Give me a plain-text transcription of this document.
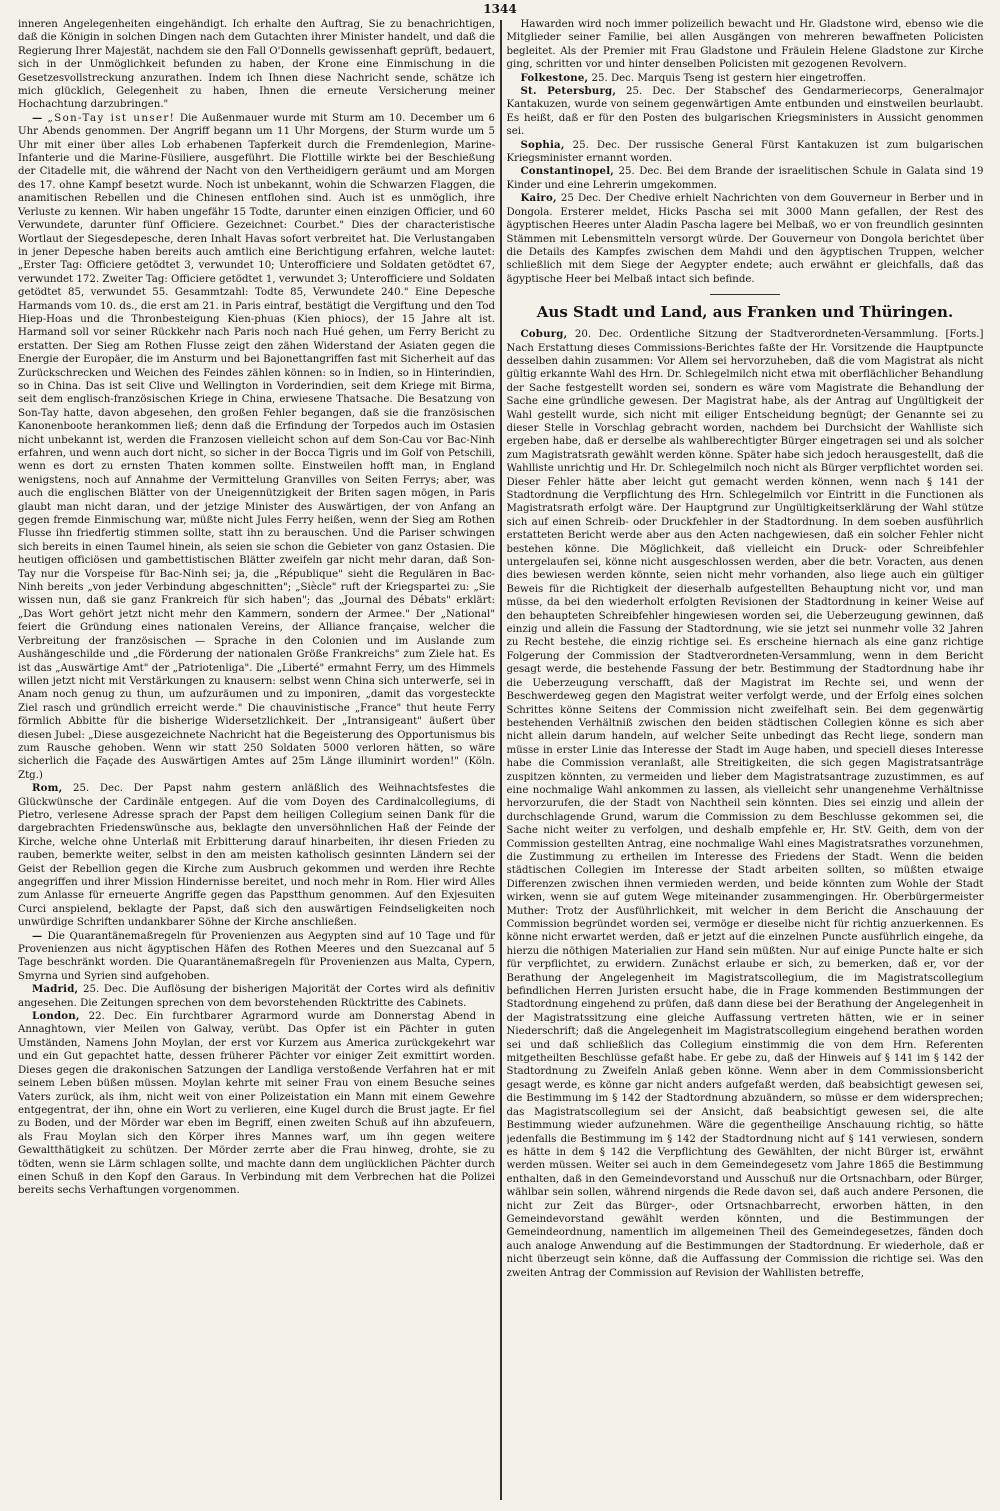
1344

inneren Angelegenheiten eingehändigt. Ich erhalte den Auftrag, Sie zu benachrichtigen, daß die Königin in solchen Dingen nach dem Gutachten ihrer Minister handelt, und daß die Regierung Ihrer Majestät, nachdem sie den Fall O'Donnells gewissenhaft geprüft, bedauert, sich in der Unmöglichkeit befunden zu haben, der Krone eine Einmischung in die Gesetzesvollstreckung anzurathen. Indem ich Ihnen diese Nachricht sende, schätze ich mich glücklich, Gelegenheit zu haben, Ihnen die erneute Versicherung meiner Hochachtung darzubringen."

— „Son-Tay ist unser! Die Außenmauer wurde mit Sturm am 10. December um 6 Uhr Abends genommen. Der Angriff begann um 11 Uhr Morgens, der Sturm wurde um 5 Uhr mit einer über alles Lob erhabenen Tapferkeit durch die Fremdenlegion, Marine-Infanterie und die Marine-Füsiliere, ausgeführt. Die Flottille wirkte bei der Beschießung der Citadelle mit, die während der Nacht von den Vertheidigern geräumt und am Morgen des 17. ohne Kampf besetzt wurde. Noch ist unbekannt, wohin die Schwarzen Flaggen, die anamitischen Rebellen und die Chinesen entflohen sind. Auch ist es unmöglich, ihre Verluste zu kennen. Wir haben ungefähr 15 Todte, darunter einen einzigen Officier, und 60 Verwundete, darunter fünf Officiere. Gezeichnet: Courbet." Dies der characteristische Wortlaut der Siegesdepesche, deren Inhalt Havas sofort verbreitet hat. Die Verlustangaben in jener Depesche haben bereits auch amtlich eine Berichtigung erfahren, welche lautet: „Erster Tag: Officiere getödtet 3, verwundet 10; Unterofficiere und Soldaten getödtet 67, verwundet 172. Zweiter Tag: Officiere getödtet 1, verwundet 3; Unterofficiere und Soldaten getödtet 85, verwundet 55. Gesammtzahl: Todte 85, Verwundete 240." Eine Depesche Harmands vom 10. ds., die erst am 21. in Paris eintraf, bestätigt die Vergiftung und den Tod Hiep-Hoas und die Thronbesteigung Kien-phuas (Kien phiocs), der 15 Jahre alt ist. Harmand soll vor seiner Rückkehr nach Paris noch nach Hué gehen, um Ferry Bericht zu erstatten. Der Sieg am Rothen Flusse zeigt den zähen Widerstand der Asiaten gegen die Energie der Europäer, die im Ansturm und bei Bajonettangriffen fast mit Sicherheit auf das Zurückschrecken und Weichen des Feindes zählen können: so in Indien, so in Hinterindien, so in China. Das ist seit Clive und Wellington in Vorderindien, seit dem Kriege mit Birma, seit dem englisch-französischen Kriege in China, erwiesene Thatsache. Die Besatzung von Son-Tay hatte, davon abgesehen, den großen Fehler begangen, daß sie die französischen Kanonenboote herankommen ließ; denn daß die Erfindung der Torpedos auch im Ostasien nicht unbekannt ist, werden die Franzosen vielleicht schon auf dem Son-Cau vor Bac-Ninh erfahren, und wenn auch dort nicht, so sicher in der Bocca Tigris und im Golf von Petschili, wenn es dort zu ernsten Thaten kommen sollte. Einstweilen hofft man, in England wenigstens, noch auf Annahme der Vermittelung Granvilles von Seiten Ferrys; aber, was auch die englischen Blätter von der Uneigennützigkeit der Briten sagen mögen, in Paris glaubt man nicht daran, und der jetzige Minister des Auswärtigen, der von Anfang an gegen fremde Einmischung war, müßte nicht Jules Ferry heißen, wenn der Sieg am Rothen Flusse ihn friedfertig stimmen sollte, statt ihn zu berauschen. Und die Pariser schwingen sich bereits in einen Taumel hinein, als seien sie schon die Gebieter von ganz Ostasien. Die heutigen officiösen und gambettistischen Blätter zweifeln gar nicht mehr daran, daß Son-Tay nur die Vorspeise für Bac-Ninh sei; ja, die „République" sieht die Regulären in Bac-Ninh bereits „von jeder Verbindung abgeschnitten"; „Siècle" ruft der Kriegspartei zu: „Sie wissen nun, daß sie ganz Frankreich für sich haben"; das „Journal des Débats" erklärt: „Das Wort gehört jetzt nicht mehr den Kammern, sondern der Armee." Der „National" feiert die Gründung eines nationalen Vereins, der Alliance française, welcher die Verbreitung der französischen — Sprache in den Colonien und im Auslande zum Aushängeschilde und „die Förderung der nationalen Größe Frankreichs" zum Ziele hat. Es ist das „Auswärtige Amt" der „Patriotenliga". Die „Liberté" ermahnt Ferry, um des Himmels willen jetzt nicht mit Verstärkungen zu knausern: selbst wenn China sich unterwerfe, sei in Anam noch genug zu thun, um aufzuräumen und zu imponiren, „damit das vorgesteckte Ziel rasch und gründlich erreicht werde." Die chauvinistische „France" thut heute Ferry förmlich Abbitte für die bisherige Widersetzlichkeit. Der „Intransigeant" äußert über diesen Jubel: „Diese ausgezeichnete Nachricht hat die Begeisterung des Opportunismus bis zum Rausche gehoben. Wenn wir statt 250 Soldaten 5000 verloren hätten, so wäre sicherlich die Façade des Auswärtigen Amtes auf 25m Länge illuminirt worden!" (Köln. Ztg.)

Rom, 25. Dec. Der Papst nahm gestern anläßlich des Weihnachtsfestes die Glückwünsche der Cardinäle entgegen. Auf die vom Doyen des Cardinalcollegiums, di Pietro, verlesene Adresse sprach der Papst dem heiligen Collegium seinen Dank für die dargebrachten Friedenswünsche aus, beklagte den unversöhnlichen Haß der Feinde der Kirche, welche ohne Unterlaß mit Erbitterung darauf hinarbeiten, ihr diesen Frieden zu rauben, bemerkte weiter, selbst in den am meisten katholisch gesinnten Ländern sei der Geist der Rebellion gegen die Kirche zum Ausbruch gekommen und werden ihre Rechte angegriffen und ihrer Mission Hindernisse bereitet, und noch mehr in Rom. Hier wird Alles zum Anlasse für erneuerte Angriffe gegen das Papstthum genommen. Auf den Exjesuiten Curci anspielend, beklagte der Papst, daß sich den auswärtigen Feindseligkeiten noch unwürdige Schriften undankbarer Söhne der Kirche anschließen.

— Die Quarantänemaßregeln für Provenienzen aus Aegypten sind auf 10 Tage und für Provenienzen aus nicht ägyptischen Häfen des Rothen Meeres und den Suezcanal auf 5 Tage beschränkt worden. Die Quarantänemaßregeln für Provenienzen aus Malta, Cypern, Smyrna und Syrien sind aufgehoben.

Madrid, 25. Dec. Die Auflösung der bisherigen Majorität der Cortes wird als definitiv angesehen. Die Zeitungen sprechen von dem bevorstehenden Rücktritte des Cabinets.

London, 22. Dec. Ein furchtbarer Agrarmord wurde am Donnerstag Abend in Annaghtown, vier Meilen von Galway, verübt. Das Opfer ist ein Pächter in guten Umständen, Namens John Moylan, der erst vor Kurzem aus America zurückgekehrt war und ein Gut gepachtet hatte, dessen früherer Pächter vor einiger Zeit exmittirt worden. Dieses gegen die drakonischen Satzungen der Landliga verstoßende Verfahren hat er mit seinem Leben büßen müssen. Moylan kehrte mit seiner Frau von einem Besuche seines Vaters zurück, als ihm, nicht weit von einer Polizeistation ein Mann mit einem Gewehre entgegentrat, der ihn, ohne ein Wort zu verlieren, eine Kugel durch die Brust jagte. Er fiel zu Boden, und der Mörder war eben im Begriff, einen zweiten Schuß auf ihn abzufeuern, als Frau Moylan sich den Körper ihres Mannes warf, um ihn gegen weitere Gewaltthätigkeit zu schützen. Der Mörder zerrte aber die Frau hinweg, drohte, sie zu tödten, wenn sie Lärm schlagen sollte, und machte dann dem unglücklichen Pächter durch einen Schuß in den Kopf den Garaus. In Verbindung mit dem Verbrechen hat die Polizei bereits sechs Verhaftungen vorgenommen.

Hawarden wird noch immer polizeilich bewacht und Hr. Gladstone wird, ebenso wie die Mitglieder seiner Familie, bei allen Ausgängen von mehreren bewaffneten Policisten begleitet. Als der Premier mit Frau Gladstone und Fräulein Helene Gladstone zur Kirche ging, schritten vor und hinter denselben Policisten mit gezogenen Revolvern.

Folkestone, 25. Dec. Marquis Tseng ist gestern hier eingetroffen.

St. Petersburg, 25. Dec. Der Stabschef des Gendarmeriecorps, Generalmajor Kantakuzen, wurde von seinem gegenwärtigen Amte entbunden und einstweilen beurlaubt. Es heißt, daß er für den Posten des bulgarischen Kriegsministers in Aussicht genommen sei.

Sophia, 25. Dec. Der russische General Fürst Kantakuzen ist zum bulgarischen Kriegsminister ernannt worden.

Constantinopel, 25. Dec. Bei dem Brande der israelitischen Schule in Galata sind 19 Kinder und eine Lehrerin umgekommen.

Kairo, 25 Dec. Der Chedive erhielt Nachrichten von dem Gouverneur in Berber und in Dongola. Ersterer meldet, Hicks Pascha sei mit 3000 Mann gefallen, der Rest des ägyptischen Heeres unter Aladin Pascha lagere bei Melbaß, wo er von freundlich gesinnten Stämmen mit Lebensmitteln versorgt würde. Der Gouverneur von Dongola berichtet über die Details des Kampfes zwischen dem Mahdi und den ägyptischen Truppen, welcher schließlich mit dem Siege der Aegypter endete; auch erwähnt er gleichfalls, daß das ägyptische Heer bei Melbaß intact sich befinde.

Aus Stadt und Land, aus Franken und Thüringen.

Coburg, 20. Dec. Ordentliche Sitzung der Stadtverordneten-Versammlung. [Forts.] Nach Erstattung dieses Commissions-Berichtes faßte der Hr. Vorsitzende die Hauptpuncte desselben dahin zusammen: Vor Allem sei hervorzuheben, daß die vom Magistrat als nicht gültig erkannte Wahl des Hrn. Dr. Schlegelmilch nicht etwa mit oberflächlicher Behandlung der Sache festgestellt worden sei, sondern es wäre vom Magistrate die Behandlung der Sache eine gründliche gewesen. Der Magistrat habe, als der Antrag auf Ungültigkeit der Wahl gestellt wurde, sich nicht mit eiliger Entscheidung begnügt; der Genannte sei zu dieser Stelle in Vorschlag gebracht worden, nachdem bei Durchsicht der Wahlliste sich ergeben habe, daß er derselbe als wahlberechtigter Bürger eingetragen sei und als solcher zum Magistratsrath gewählt werden könne. Später habe sich jedoch herausgestellt, daß die Wahlliste unrichtig und Hr. Dr. Schlegelmilch noch nicht als Bürger verpflichtet worden sei. Dieser Fehler hätte aber leicht gut gemacht werden können, wenn nach § 141 der Stadtordnung die Verpflichtung des Hrn. Schlegelmilch vor Eintritt in die Functionen als Magistratsrath erfolgt wäre. Der Hauptgrund zur Ungültigkeitserklärung der Wahl stütze sich auf einen Schreib- oder Druckfehler in der Stadtordnung. In dem soeben ausführlich erstatteten Bericht werde aber aus den Acten nachgewiesen, daß ein solcher Fehler nicht bestehen könne. Die Möglichkeit, daß vielleicht ein Druck- oder Schreibfehler untergelaufen sei, könne nicht ausgeschlossen werden, aber die betr. Voracten, aus denen dies bewiesen werden könnte, seien nicht mehr vorhanden, also liege auch ein gültiger Beweis für die Richtigkeit der dieserhalb aufgestellten Behauptung nicht vor, und man müsse, da bei den wiederholt erfolgten Revisionen der Stadtordnung in keiner Weise auf den behaupteten Schreibfehler hingewiesen worden sei, die Ueberzeugung gewinnen, daß einzig und allein die Fassung der Stadtordnung, wie sie jetzt sei nunmehr volle 32 Jahren zu Recht bestehe, die einzig richtige sei. Es erscheine hiernach als eine ganz richtige Folgerung der Commission der Stadtverordneten-Versammlung, wenn in dem Bericht gesagt werde, die bestehende Fassung der betr. Bestimmung der Stadtordnung habe ihr die Ueberzeugung verschafft, daß der Magistrat im Rechte sei, und wenn der Beschwerdeweg gegen den Magistrat weiter verfolgt werde, und der Erfolg eines solchen Schrittes könne Seitens der Commission nicht zweifelhaft sein. Bei dem gegenwärtig bestehenden Verhältniß zwischen den beiden städtischen Collegien könne es sich aber nicht allein darum handeln, auf welcher Seite unbedingt das Recht liege, sondern man müsse in erster Linie das Interesse der Stadt im Auge haben, und speciell dieses Interesse habe die Commission veranlaßt, alle Streitigkeiten, die sich gegen Magistratsanträge zuspitzen könnten, zu vermeiden und lieber dem Magistratsantrage zuzustimmen, es auf eine nochmalige Wahl ankommen zu lassen, als vielleicht sehr unangenehme Verhältnisse hervorzurufen, die der Stadt von Nachtheil sein könnten. Dies sei einzig und allein der durchschlagende Grund, warum die Commission zu dem Beschlusse gekommen sei, die Sache nicht weiter zu verfolgen, und deshalb empfehle er, Hr. StV. Geith, dem von der Commission gestellten Antrag, eine nochmalige Wahl eines Magistratsrathes vorzunehmen, die Zustimmung zu ertheilen im Interesse des Friedens der Stadt. Wenn die beiden städtischen Collegien im Interesse der Stadt arbeiten sollten, so müßten etwaige Differenzen zwischen ihnen vermieden werden, und beide könnten zum Wohle der Stadt wirken, wenn sie auf gutem Wege miteinander zusammengingen. Hr. Oberbürgermeister Muther: Trotz der Ausführlichkeit, mit welcher in dem Bericht die Anschauung der Commission begründet worden sei, vermöge er dieselbe nicht für richtig anzuerkennen. Es könne nicht erwartet werden, daß er jetzt auf die einzelnen Puncte ausführlich eingehe, da hierzu die nöthigen Materialien zur Hand sein müßten. Nur auf einige Puncte halte er sich für verpflichtet, zu erwidern. Zunächst erlaube er sich, zu bemerken, daß er, vor der Berathung der Angelegenheit im Magistratscollegium, die im Magistratscollegium befindlichen Herren Juristen ersucht habe, die in Frage kommenden Bestimmungen der Stadtordnung eingehend zu prüfen, daß dann diese bei der Berathung der Angelegenheit in der Magistratssitzung eine gleiche Auffassung vertreten hätten, wie er in seiner Niederschrift; daß die Angelegenheit im Magistratscollegium eingehend berathen worden sei und daß schließlich das Collegium einstimmig die von dem Hrn. Referenten mitgetheilten Beschlüsse gefaßt habe. Er gebe zu, daß der Hinweis auf § 141 im § 142 der Stadtordnung zu Zweifeln Anlaß geben könne. Wenn aber in dem Commissionsbericht gesagt werde, es könne gar nicht anders aufgefaßt werden, daß beabsichtigt gewesen sei, die Bestimmung im § 142 der Stadtordnung abzuändern, so müsse er dem widersprechen; das Magistratscollegium sei der Ansicht, daß beabsichtigt gewesen sei, die alte Bestimmung wieder aufzunehmen. Wäre die gegentheilige Anschauung richtig, so hätte jedenfalls die Bestimmung im § 142 der Stadtordnung nicht auf § 141 verwiesen, sondern es hätte in dem § 142 die Verpflichtung des Gewählten, der nicht Bürger ist, erwähnt werden müssen. Weiter sei auch in dem Gemeindegesetz vom Jahre 1865 die Bestimmung enthalten, daß in den Gemeindevorstand und Ausschuß nur die Ortsnachbarn, oder Bürger, wählbar sein sollen, während nirgends die Rede davon sei, daß auch andere Personen, die nicht zur Zeit das Bürger-, oder Ortsnachbarrecht, erworben hätten, in den Gemeindevorstand gewählt werden könnten, und die Bestimmungen der Gemeindeordnung, namentlich im allgemeinen Theil des Gemeindegesetzes, fänden doch auch analoge Anwendung auf die Bestimmungen der Stadtordnung. Er wiederhole, daß er nicht überzeugt sein könne, daß die Auffassung der Commission die richtige sei. Was den zweiten Antrag der Commission auf Revision der Wahllisten betreffe,
